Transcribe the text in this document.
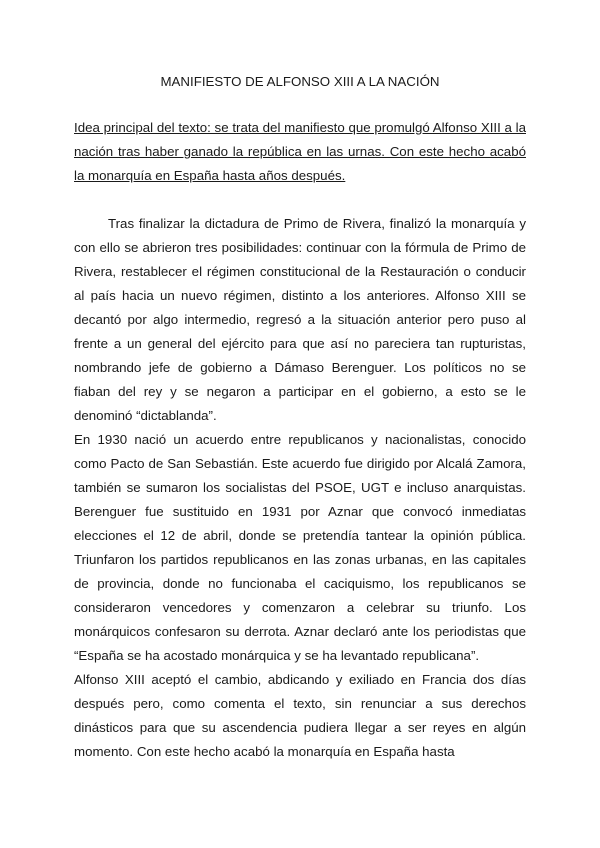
MANIFIESTO DE ALFONSO XIII A LA NACIÓN

Idea principal del texto: se trata del manifiesto que promulgó Alfonso XIII a la nación tras haber ganado la república en las urnas. Con este hecho acabó la monarquía en España hasta años después.

Tras finalizar la dictadura de Primo de Rivera, finalizó la monarquía y con ello se abrieron tres posibilidades: continuar con la fórmula de Primo de Rivera, restablecer el régimen constitucional de la Restauración o conducir al país hacia un nuevo régimen, distinto a los anteriores. Alfonso XIII se decantó por algo intermedio, regresó a la situación anterior pero puso al frente a un general del ejército para que así no pareciera tan rupturistas, nombrando jefe de gobierno a Dámaso Berenguer. Los políticos no se fiaban del rey y se negaron a participar en el gobierno, a esto se le denominó “dictablanda”.

En 1930 nació un acuerdo entre republicanos y nacionalistas, conocido como Pacto de San Sebastián. Este acuerdo fue dirigido por Alcalá Zamora, también se sumaron los socialistas del PSOE, UGT e incluso anarquistas. Berenguer fue sustituido en 1931 por Aznar que convocó inmediatas elecciones el 12 de abril, donde se pretendía tantear la opinión pública. Triunfaron los partidos republicanos en las zonas urbanas, en las capitales de provincia, donde no funcionaba el caciquismo, los republicanos se consideraron vencedores y comenzaron a celebrar su triunfo. Los monárquicos confesaron su derrota. Aznar declaró ante los periodistas que “España se ha acostado monárquica y se ha levantado republicana”.

Alfonso XIII aceptó el cambio, abdicando y exiliado en Francia dos días después pero, como comenta el texto, sin renunciar a sus derechos dinásticos para que su ascendencia pudiera llegar a ser reyes en algún momento. Con este hecho acabó la monarquía en España hasta
